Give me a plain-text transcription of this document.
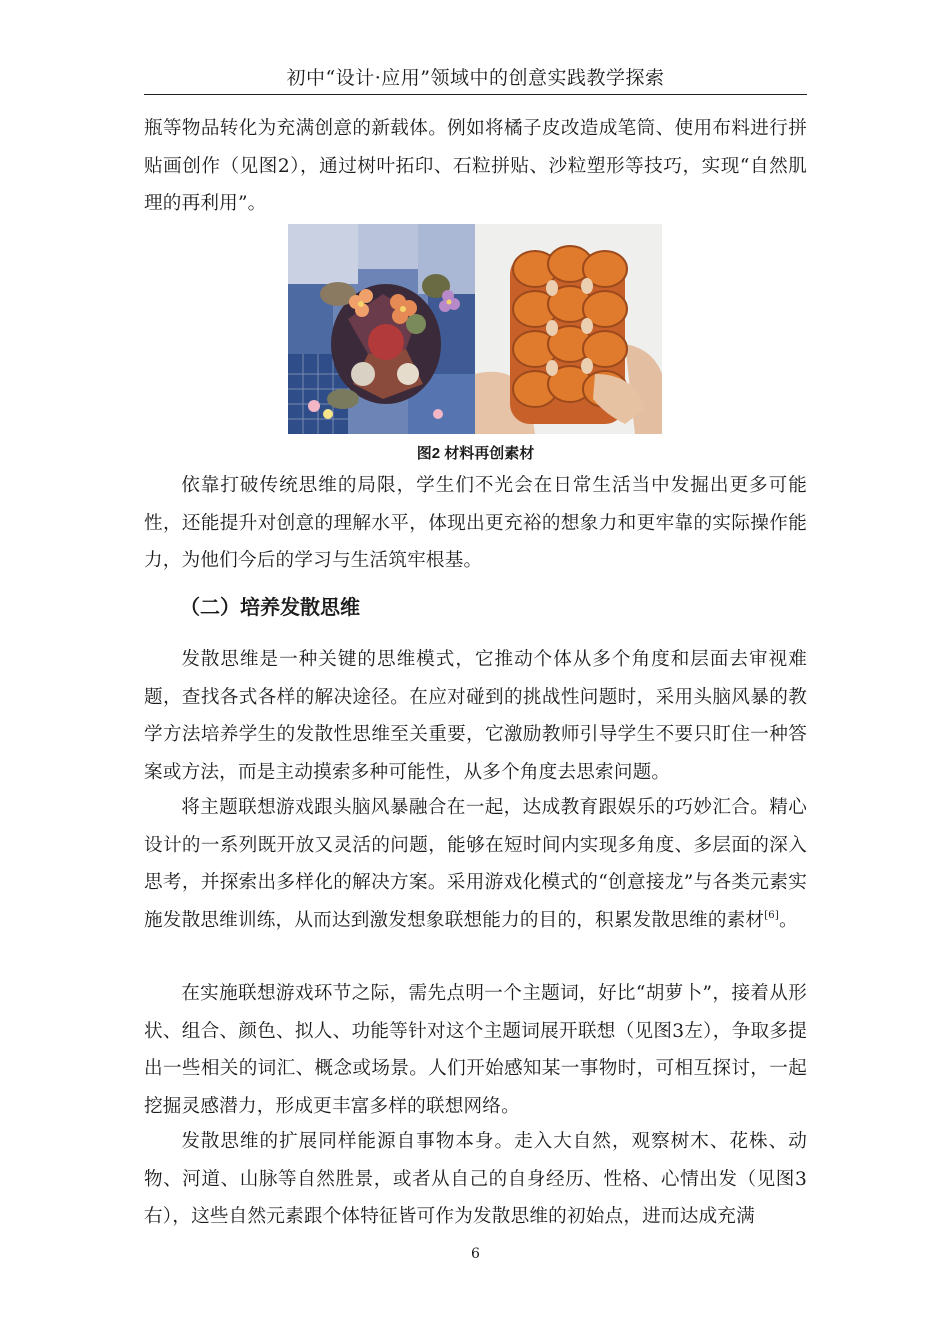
初中“设计·应用”领域中的创意实践教学探索

瓶等物品转化为充满创意的新载体。例如将橘子皮改造成笔筒、使用布料进行拼贴画创作（见图2），通过树叶拓印、石粒拼贴、沙粒塑形等技巧，实现“自然肌理的再利用”。

图2 材料再创素材

依靠打破传统思维的局限，学生们不光会在日常生活当中发掘出更多可能性，还能提升对创意的理解水平，体现出更充裕的想象力和更牢靠的实际操作能力，为他们今后的学习与生活筑牢根基。

（二）培养发散思维

发散思维是一种关键的思维模式，它推动个体从多个角度和层面去审视难题，查找各式各样的解决途径。在应对碰到的挑战性问题时，采用头脑风暴的教学方法培养学生的发散性思维至关重要，它激励教师引导学生不要只盯住一种答案或方法，而是主动摸索多种可能性，从多个角度去思索问题。

将主题联想游戏跟头脑风暴融合在一起，达成教育跟娱乐的巧妙汇合。精心设计的一系列既开放又灵活的问题，能够在短时间内实现多角度、多层面的深入思考，并探索出多样化的解决方案。采用游戏化模式的“创意接龙”与各类元素实施发散思维训练，从而达到激发想象联想能力的目的，积累发散思维的素材[6]。

在实施联想游戏环节之际，需先点明一个主题词，好比“胡萝卜”，接着从形状、组合、颜色、拟人、功能等针对这个主题词展开联想（见图3左），争取多提出一些相关的词汇、概念或场景。人们开始感知某一事物时，可相互探讨，一起挖掘灵感潜力，形成更丰富多样的联想网络。

发散思维的扩展同样能源自事物本身。走入大自然，观察树木、花株、动物、河道、山脉等自然胜景，或者从自己的自身经历、性格、心情出发（见图3右），这些自然元素跟个体特征皆可作为发散思维的初始点，进而达成充满

6
